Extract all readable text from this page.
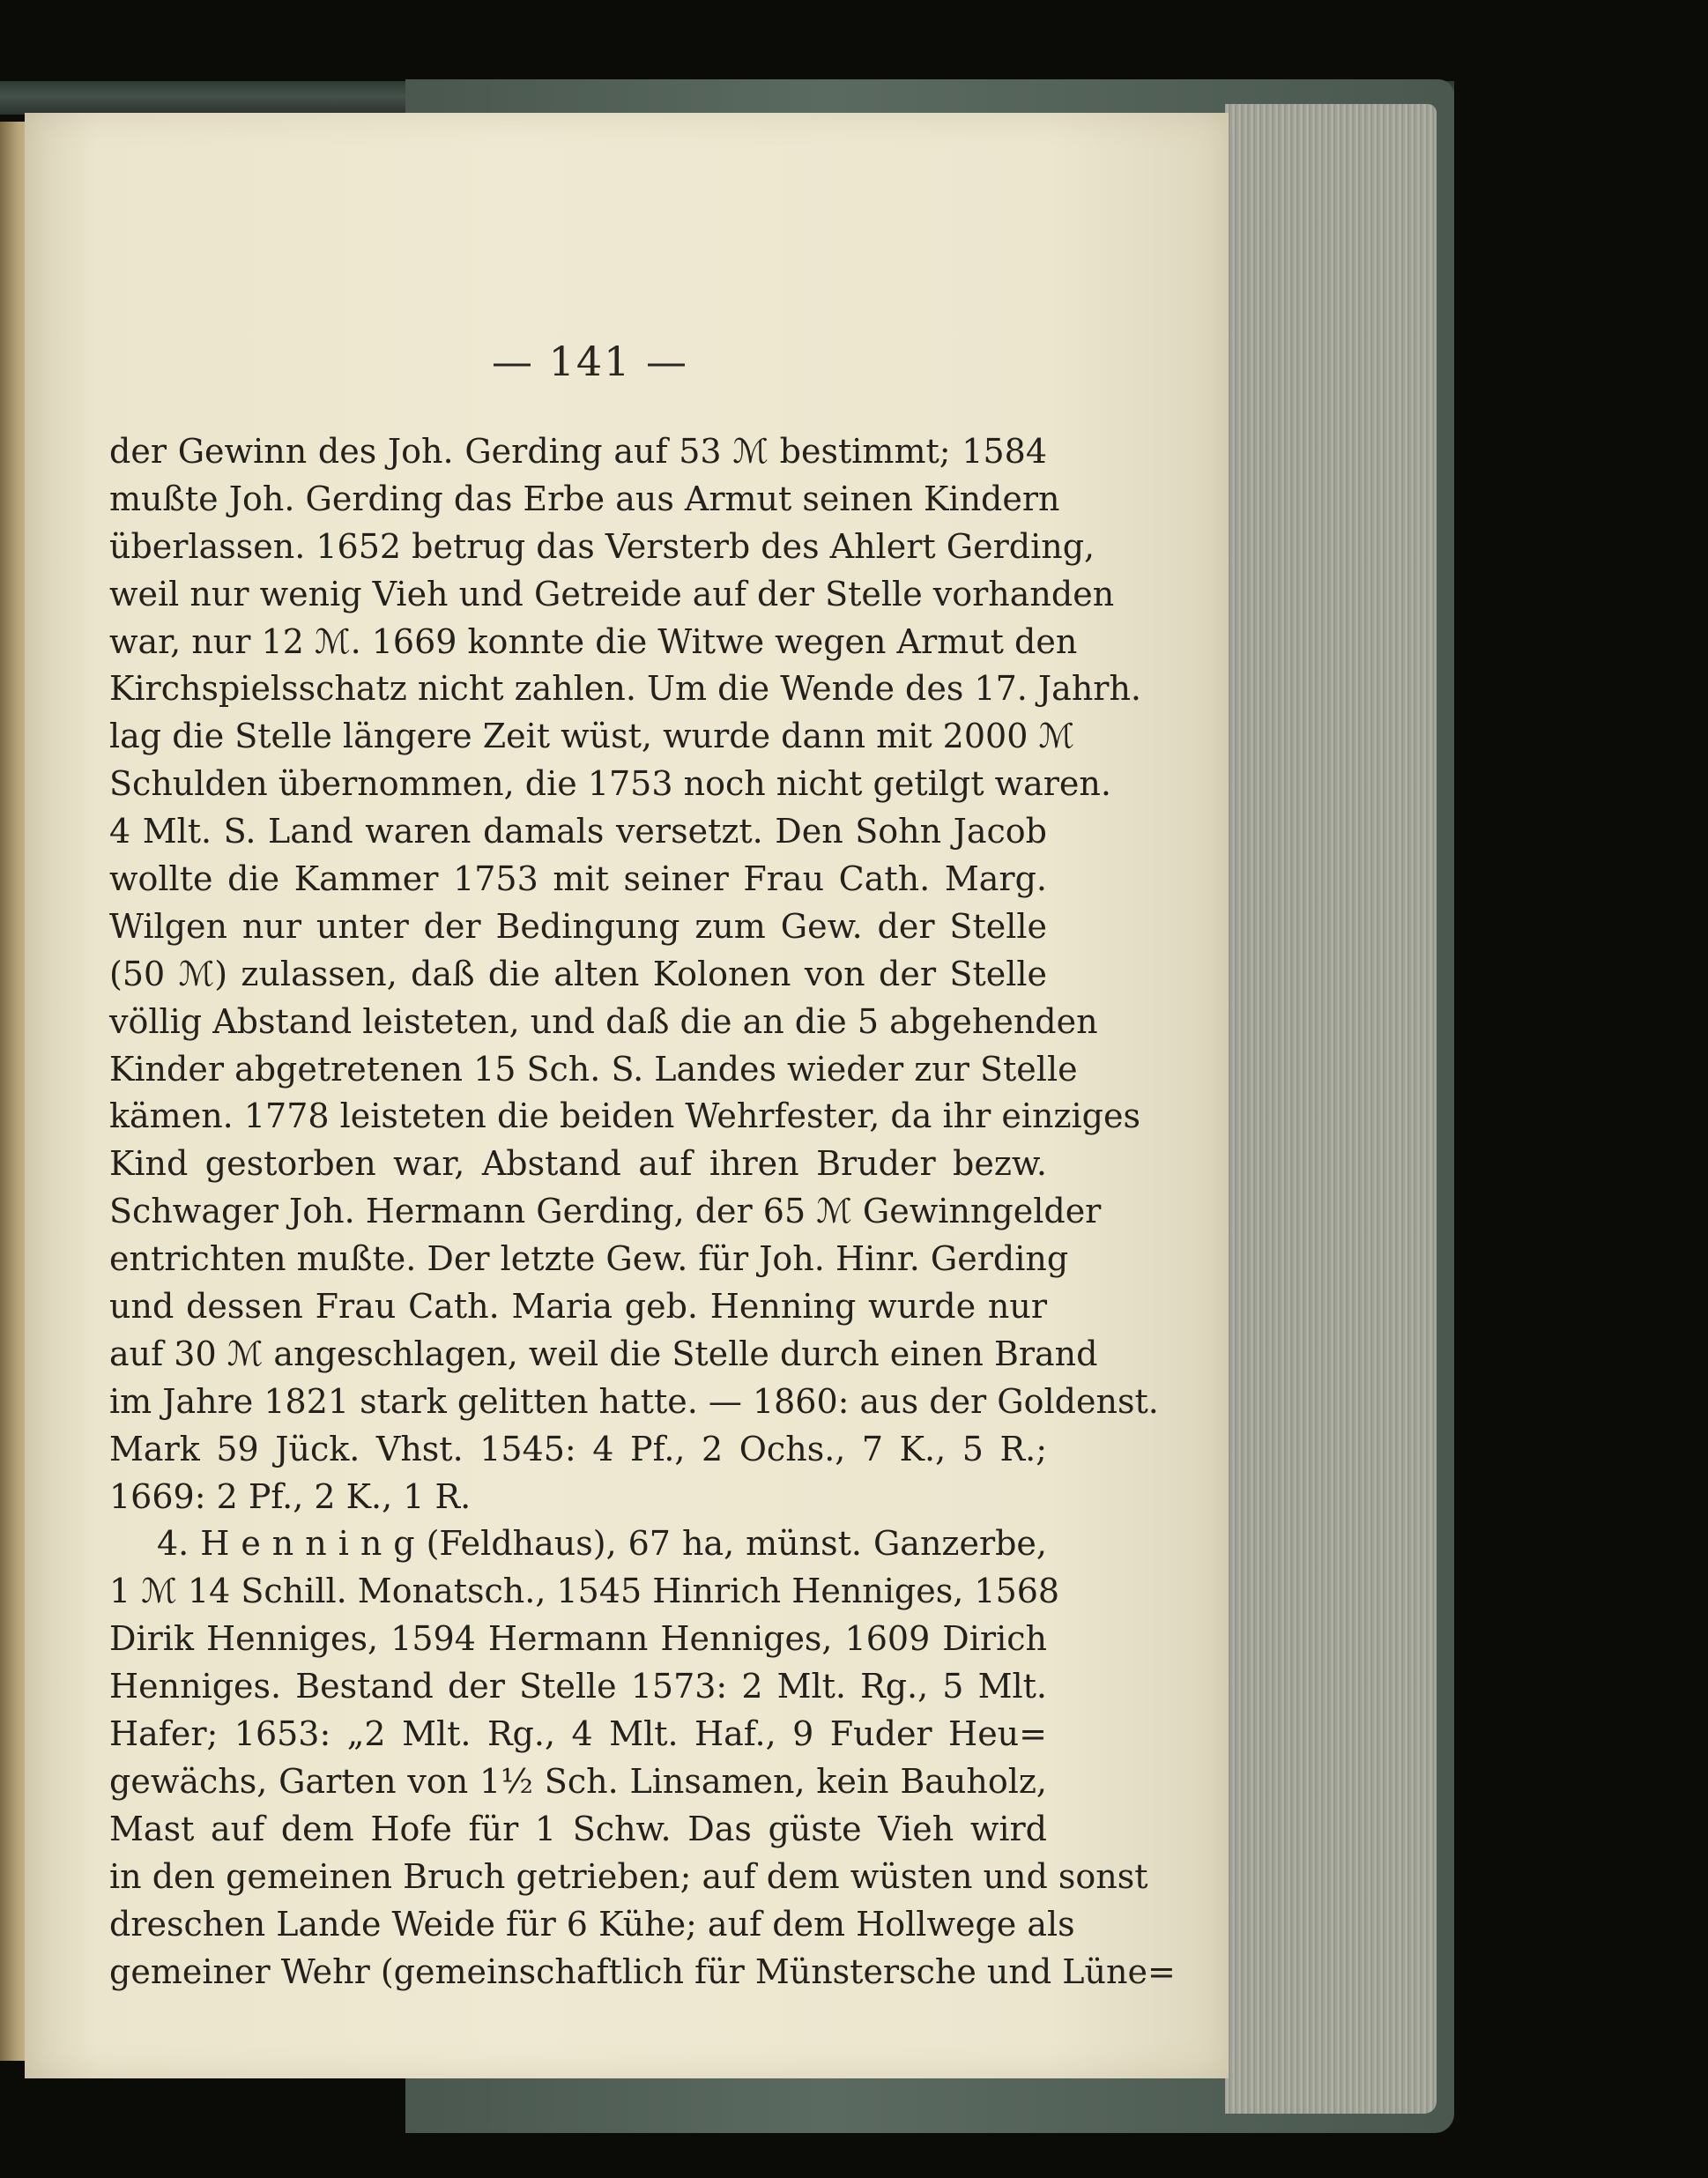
— 141 —
der Gewinn des Joh. Gerding auf 53 ℳ bestimmt; 1584
mußte Joh. Gerding das Erbe aus Armut seinen Kindern
überlassen. 1652 betrug das Versterb des Ahlert Gerding,
weil nur wenig Vieh und Getreide auf der Stelle vorhanden
war, nur 12 ℳ. 1669 konnte die Witwe wegen Armut den
Kirchspielsschatz nicht zahlen. Um die Wende des 17. Jahrh.
lag die Stelle längere Zeit wüst, wurde dann mit 2000 ℳ
Schulden übernommen, die 1753 noch nicht getilgt waren.
4 Mlt. S. Land waren damals versetzt. Den Sohn Jacob
wollte die Kammer 1753 mit seiner Frau Cath. Marg.
Wilgen nur unter der Bedingung zum Gew. der Stelle
(50 ℳ) zulassen, daß die alten Kolonen von der Stelle
völlig Abstand leisteten, und daß die an die 5 abgehenden
Kinder abgetretenen 15 Sch. S. Landes wieder zur Stelle
kämen. 1778 leisteten die beiden Wehrfester, da ihr einziges
Kind gestorben war, Abstand auf ihren Bruder bezw.
Schwager Joh. Hermann Gerding, der 65 ℳ Gewinngelder
entrichten mußte. Der letzte Gew. für Joh. Hinr. Gerding
und dessen Frau Cath. Maria geb. Henning wurde nur
auf 30 ℳ angeschlagen, weil die Stelle durch einen Brand
im Jahre 1821 stark gelitten hatte. — 1860: aus der Goldenst.
Mark 59 Jück. Vhst. 1545: 4 Pf., 2 Ochs., 7 K., 5 R.;
1669: 2 Pf., 2 K., 1 R.
4. H e n n i n g (Feldhaus), 67 ha, münst. Ganzerbe,
1 ℳ 14 Schill. Monatsch., 1545 Hinrich Henniges, 1568
Dirik Henniges, 1594 Hermann Henniges, 1609 Dirich
Henniges. Bestand der Stelle 1573: 2 Mlt. Rg., 5 Mlt.
Hafer; 1653: „2 Mlt. Rg., 4 Mlt. Haf., 9 Fuder Heu=
gewächs, Garten von 1½ Sch. Linsamen, kein Bauholz,
Mast auf dem Hofe für 1 Schw. Das güste Vieh wird
in den gemeinen Bruch getrieben; auf dem wüsten und sonst
dreschen Lande Weide für 6 Kühe; auf dem Hollwege als
gemeiner Wehr (gemeinschaftlich für Münstersche und Lüne=
